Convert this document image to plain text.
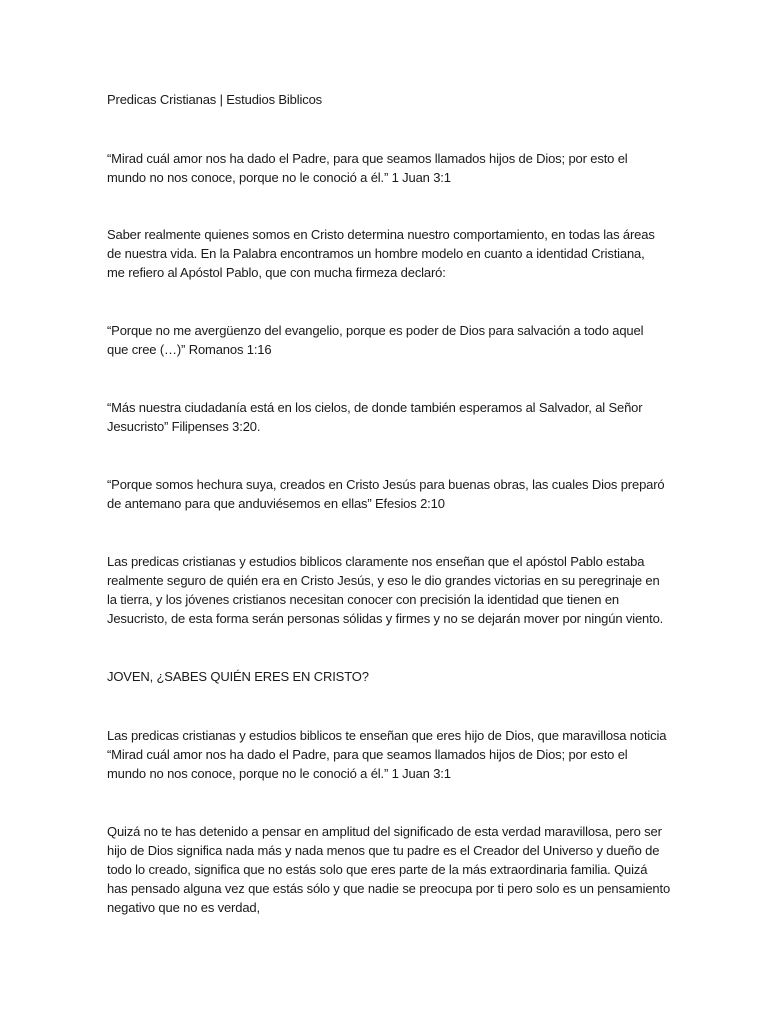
Predicas Cristianas | Estudios Biblicos

“Mirad cuál amor nos ha dado el Padre, para que seamos llamados hijos de Dios; por esto el
mundo no nos conoce, porque no le conoció a él.” 1 Juan 3:1

Saber realmente quienes somos en Cristo determina nuestro comportamiento, en todas las áreas
de nuestra vida. En la Palabra encontramos un hombre modelo en cuanto a identidad Cristiana,
me refiero al Apóstol Pablo, que con mucha firmeza declaró:

“Porque no me avergüenzo del evangelio, porque es poder de Dios para salvación a todo aquel
que cree (…)” Romanos 1:16

“Más nuestra ciudadanía está en los cielos, de donde también esperamos al Salvador, al Señor
Jesucristo” Filipenses 3:20.

“Porque somos hechura suya, creados en Cristo Jesús para buenas obras, las cuales Dios preparó
de antemano para que anduviésemos en ellas” Efesios 2:10

Las predicas cristianas y estudios biblicos claramente nos enseñan que el apóstol Pablo estaba
realmente seguro de quién era en Cristo Jesús, y eso le dio grandes victorias en su peregrinaje en
la tierra, y los jóvenes cristianos necesitan conocer con precisión la identidad que tienen en
Jesucristo, de esta forma serán personas sólidas y firmes y no se dejarán mover por ningún viento.

JOVEN, ¿SABES QUIÉN ERES EN CRISTO?

Las predicas cristianas y estudios biblicos te enseñan que eres hijo de Dios, que maravillosa noticia
“Mirad cuál amor nos ha dado el Padre, para que seamos llamados hijos de Dios; por esto el
mundo no nos conoce, porque no le conoció a él.” 1 Juan 3:1

Quizá no te has detenido a pensar en amplitud del significado de esta verdad maravillosa, pero ser
hijo de Dios significa nada más y nada menos que tu padre es el Creador del Universo y dueño de
todo lo creado, significa que no estás solo que eres parte de la más extraordinaria familia. Quizá
has pensado alguna vez que estás sólo y que nadie se preocupa por ti pero solo es un pensamiento
negativo que no es verdad,
